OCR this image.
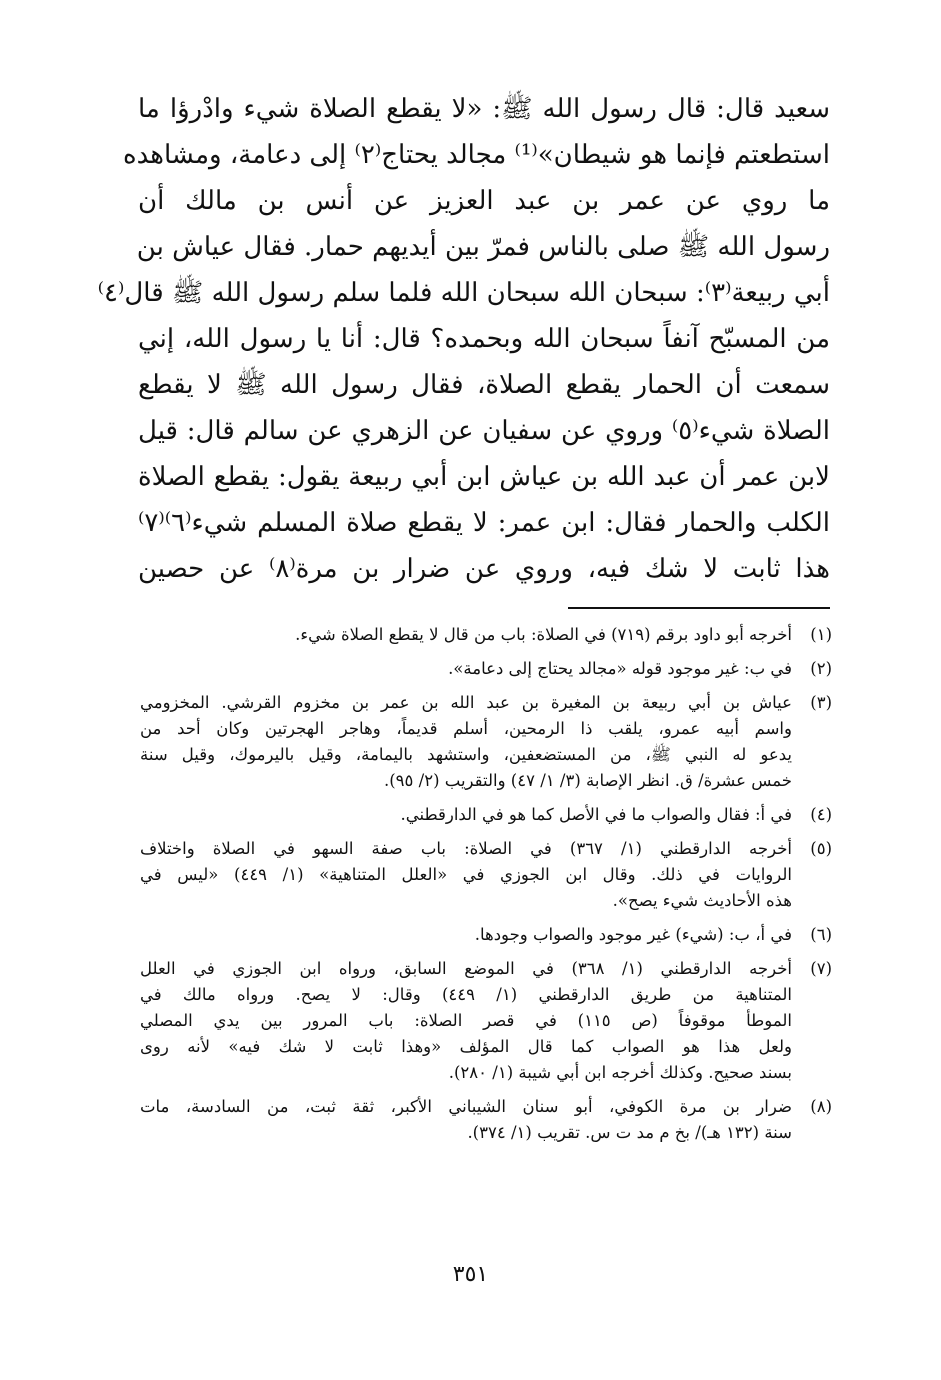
سعيد قال: قال رسول الله ﷺ: «لا يقطع الصلاة شيء وادْرؤا ما
استطعتم فإنما هو شيطان»⁽¹⁾ مجالد يحتاج⁽٢⁾ إلى دعامة، ومشاهده
ما روي عن عمر بن عبد العزيز عن أنس بن مالك أن
رسول الله ﷺ صلى بالناس فمرّ بين أيديهم حمار. فقال عياش بن
أبي ربيعة⁽٣⁾: سبحان الله سبحان الله فلما سلم رسول الله ﷺ قال⁽٤⁾
من المسبّح آنفاً سبحان الله وبحمده؟ قال: أنا يا رسول الله، إني
سمعت أن الحمار يقطع الصلاة، فقال رسول الله ﷺ لا يقطع
الصلاة شيء⁽٥⁾ وروي عن سفيان عن الزهري عن سالم قال: قيل
لابن عمر أن عبد الله بن عياش ابن أبي ربيعة يقول: يقطع الصلاة
الكلب والحمار فقال: ابن عمر: لا يقطع صلاة المسلم شيء⁽٦⁾⁽٧⁾
هذا ثابت لا شك فيه، وروي عن ضرار بن مرة⁽٨⁾ عن حصين
(١)
أخرجه أبو داود برقم (٧١٩) في الصلاة: باب من قال لا يقطع الصلاة شيء.
(٢)
في ب: غير موجود قوله «مجالد يحتاج إلى دعامة».
(٣)
عياش بن أبي ربيعة بن المغيرة بن عبد الله بن عمر بن مخزوم القرشي. المخزومي
واسم أبيه عمرو، يلقب ذا الرمحين، أسلم قديماً، وهاجر الهجرتين وكان أحد من
يدعو له النبي ﷺ، من المستضعفين، واستشهد باليمامة، وقيل باليرموك، وقيل سنة
خمس عشرة/ ق. انظر الإصابة (٣/ ١/ ٤٧) والتقريب (٢/ ٩٥).
(٤)
في أ: فقال والصواب ما في الأصل كما هو في الدارقطني.
(٥)
أخرجه الدارقطني (١/ ٣٦٧) في الصلاة: باب صفة السهو في الصلاة واختلاف
الروايات في ذلك. وقال ابن الجوزي في «العلل المتناهية» (١/ ٤٤٩) «ليس في
هذه الأحاديث شيء يصح».
(٦)
في أ، ب: (شيء) غير موجود والصواب وجودها.
(٧)
أخرجه الدارقطني (١/ ٣٦٨) في الموضع السابق، ورواه ابن الجوزي في العلل
المتناهية من طريق الدارقطني (١/ ٤٤٩) وقال: لا يصح. ورواه مالك في
الموطأ موقوفاً (ص ١١٥) في قصر الصلاة: باب المرور بين يدي المصلي
ولعل هذا هو الصواب كما قال المؤلف «وهذا ثابت لا شك فيه» لأنه روى
بسند صحيح. وكذلك أخرجه ابن أبي شيبة (١/ ٢٨٠).
(٨)
ضرار بن مرة الكوفي، أبو سنان الشيباني الأكبر، ثقة ثبت، من السادسة، مات
سنة (١٣٢ هـ)/ بخ م مد ت س. تقريب (١/ ٣٧٤).
٣٥١
